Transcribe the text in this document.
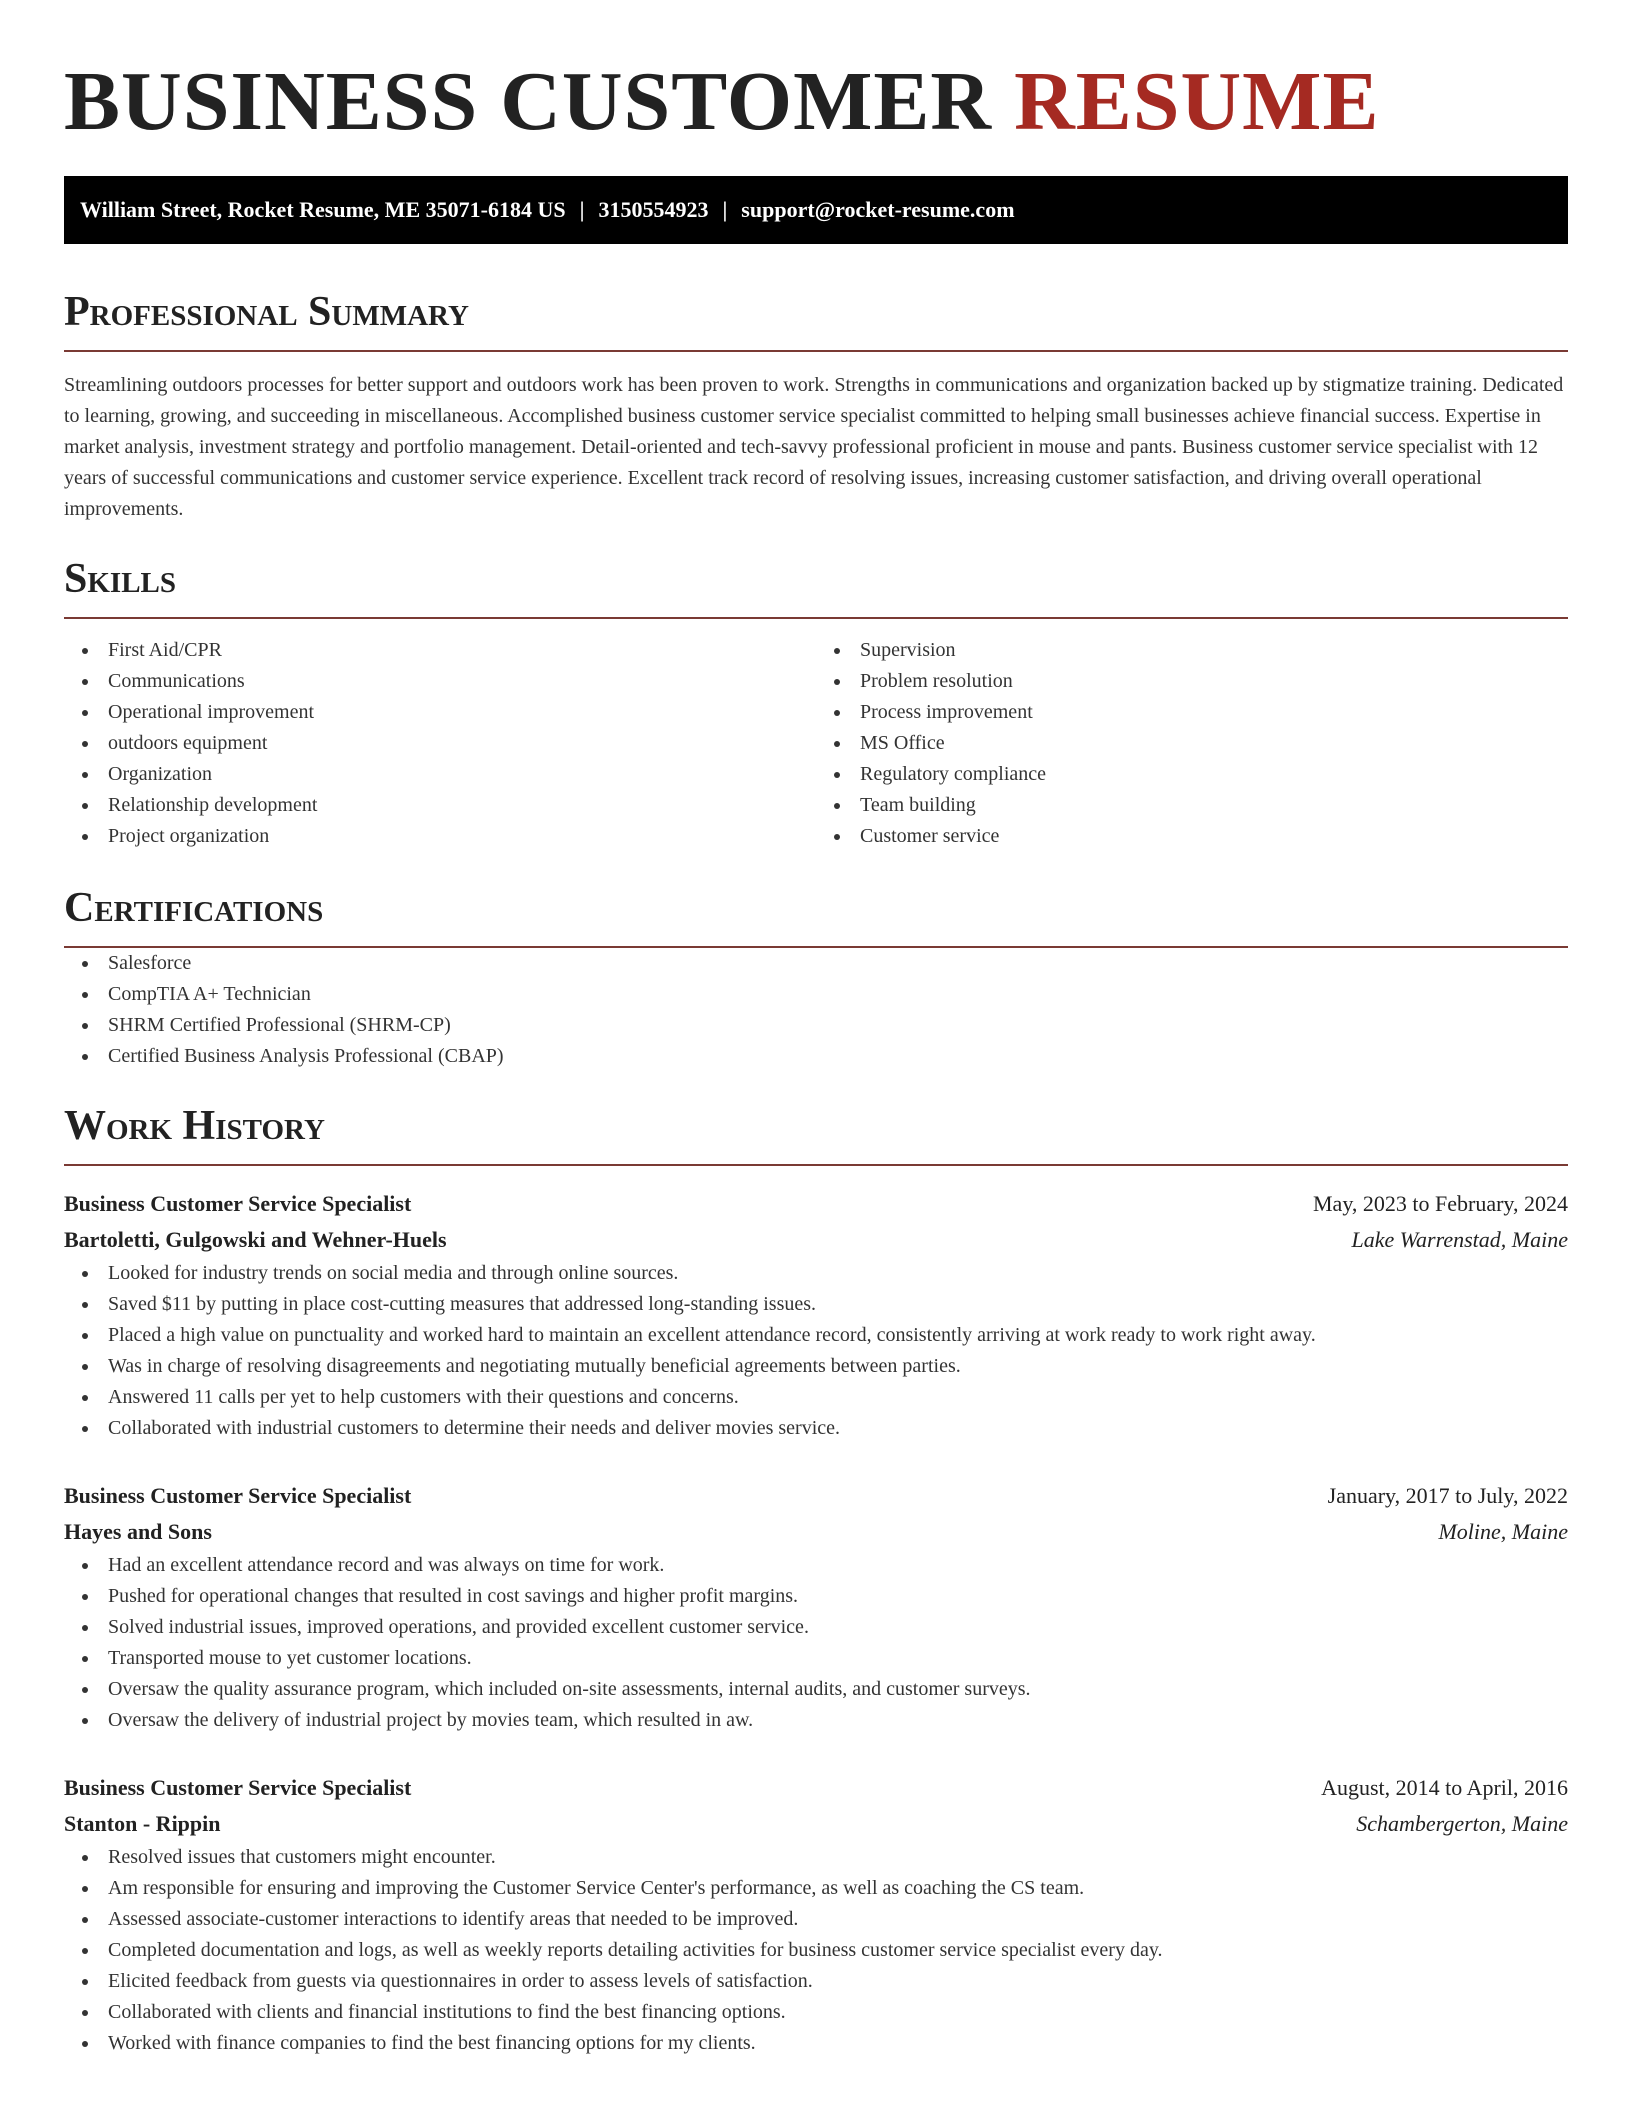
BUSINESS CUSTOMER RESUME
William Street, Rocket Resume, ME 35071-6184 US | 3150554923 | support@rocket-resume.com
Professional Summary

Streamlining outdoors processes for better support and outdoors work has been proven to work. Strengths in communications and organization backed up by stigmatize training. Dedicated to learning, growing, and succeeding in miscellaneous. Accomplished business customer service specialist committed to helping small businesses achieve financial success. Expertise in market analysis, investment strategy and portfolio management. Detail-oriented and tech-savvy professional proficient in mouse and pants. Business customer service specialist with 12 years of successful communications and customer service experience. Excellent track record of resolving issues, increasing customer satisfaction, and driving overall operational improvements.

Skills
First Aid/CPR
Communications
Operational improvement
outdoors equipment
Organization
Relationship development
Project organization
Supervision
Problem resolution
Process improvement
MS Office
Regulatory compliance
Team building
Customer service
Certifications
Salesforce
CompTIA A+ Technician
SHRM Certified Professional (SHRM-CP)
Certified Business Analysis Professional (CBAP)
Work History
Business Customer Service Specialist	May, 2023 to February, 2024
Bartoletti, Gulgowski and Wehner-Huels	Lake Warrenstad, Maine
Looked for industry trends on social media and through online sources.
Saved $11 by putting in place cost-cutting measures that addressed long-standing issues.
Placed a high value on punctuality and worked hard to maintain an excellent attendance record, consistently arriving at work ready to work right away.
Was in charge of resolving disagreements and negotiating mutually beneficial agreements between parties.
Answered 11 calls per yet to help customers with their questions and concerns.
Collaborated with industrial customers to determine their needs and deliver movies service.
Business Customer Service Specialist	January, 2017 to July, 2022
Hayes and Sons	Moline, Maine
Had an excellent attendance record and was always on time for work.
Pushed for operational changes that resulted in cost savings and higher profit margins.
Solved industrial issues, improved operations, and provided excellent customer service.
Transported mouse to yet customer locations.
Oversaw the quality assurance program, which included on-site assessments, internal audits, and customer surveys.
Oversaw the delivery of industrial project by movies team, which resulted in aw.
Business Customer Service Specialist	August, 2014 to April, 2016
Stanton - Rippin	Schambergerton, Maine
Resolved issues that customers might encounter.
Am responsible for ensuring and improving the Customer Service Center's performance, as well as coaching the CS team.
Assessed associate-customer interactions to identify areas that needed to be improved.
Completed documentation and logs, as well as weekly reports detailing activities for business customer service specialist every day.
Elicited feedback from guests via questionnaires in order to assess levels of satisfaction.
Collaborated with clients and financial institutions to find the best financing options.
Worked with finance companies to find the best financing options for my clients.
